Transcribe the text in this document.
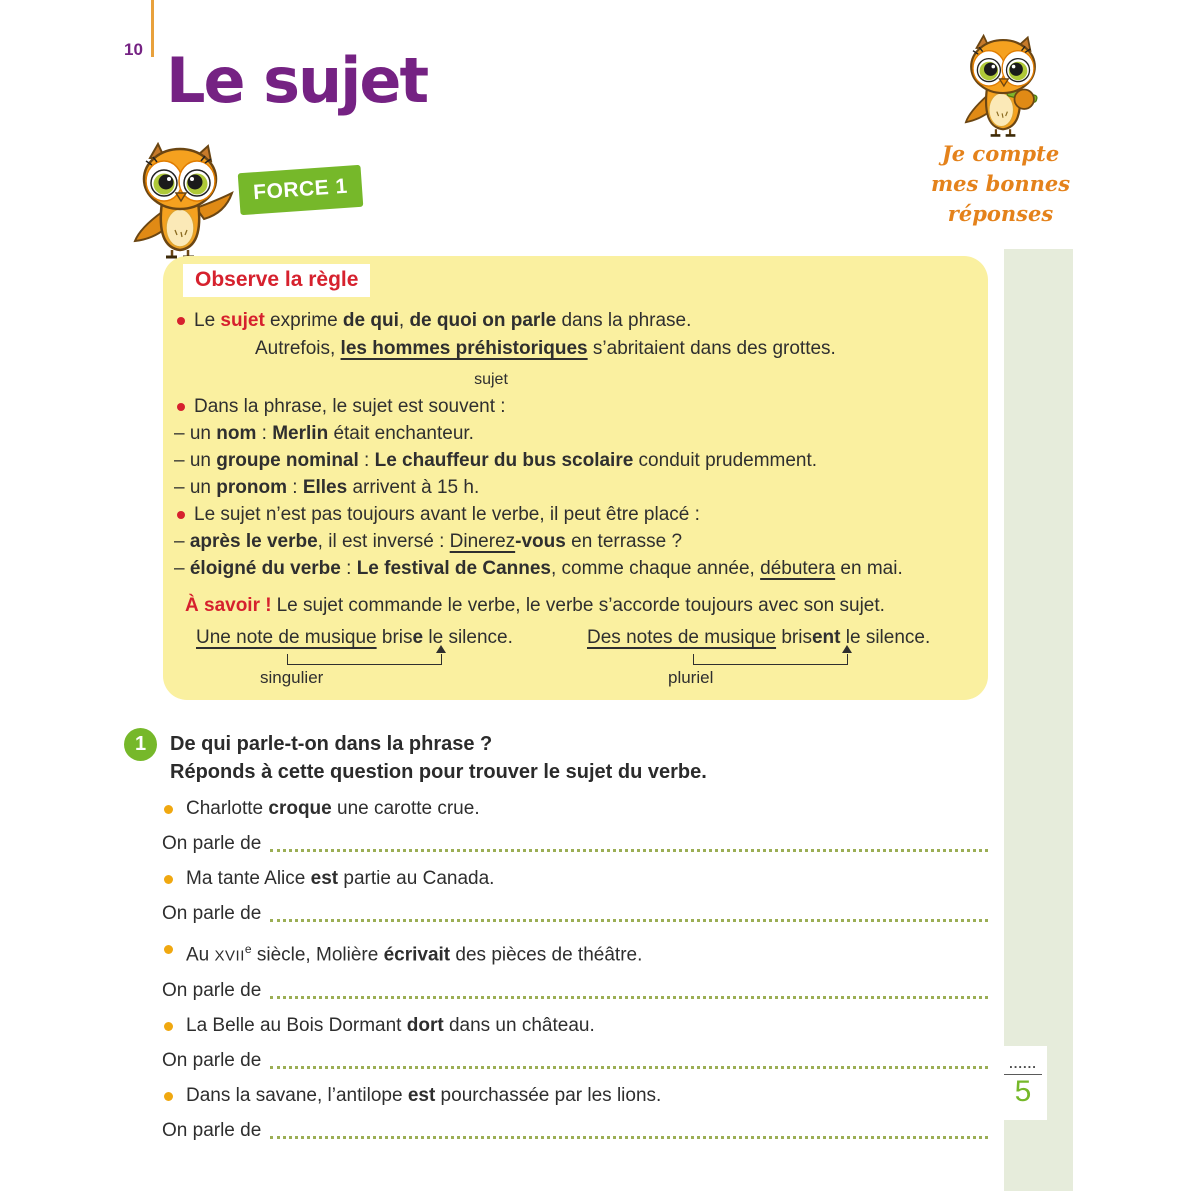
10 Le sujet
FORCE 1
Je compte
mes bonnes
réponses
......
5
Observe la règle
Le sujet exprime de qui, de quoi on parle dans la phrase.
Autrefois, les hommes préhistoriques s’abritaient dans des grottes.
sujet
Dans la phrase, le sujet est souvent :
– un nom : Merlin était enchanteur.
– un groupe nominal : Le chauffeur du bus scolaire conduit prudemment.
– un pronom : Elles arrivent à 15 h.
Le sujet n’est pas toujours avant le verbe, il peut être placé :
– après le verbe, il est inversé : Dinerez-vous en terrasse ?
– éloigné du verbe : Le festival de Cannes, comme chaque année, débutera en mai.
À savoir ! Le sujet commande le verbe, le verbe s’accorde toujours avec son sujet.
Une note de musique brise le silence.	Des notes de musique brisent le silence.
singulier	pluriel
1	De qui parle-t-on dans la phrase ?
Réponds à cette question pour trouver le sujet du verbe.
Charlotte croque une carotte crue.
On parle de
Ma tante Alice est partie au Canada.
On parle de
Au XVIIe siècle, Molière écrivait des pièces de théâtre.
On parle de
La Belle au Bois Dormant dort dans un château.
On parle de
Dans la savane, l’antilope est pourchassée par les lions.
On parle de
